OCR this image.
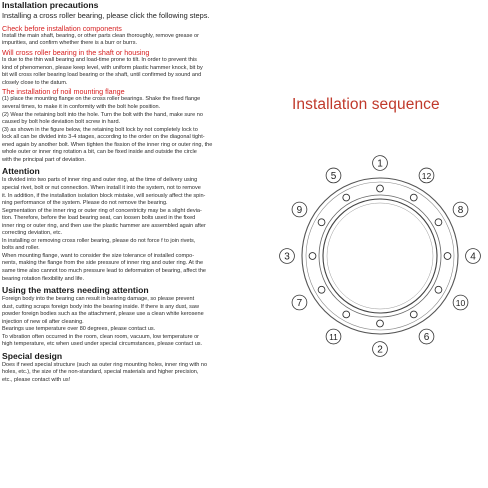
Installation precautions
Installing a cross roller bearing, please click the following steps.
Check before installation components
Install the main shaft, bearing, or other parts clean thoroughly, remove grease or
impurities, and confirm whether there is a burr or burrs.
Will cross roller bearing in the shaft or housing
Is due to the thin wall bearing and load-time prone to tilt. In order to prevent this
kind of phenomenon, please keep level, with uniform plastic hammer knock, bit by
bit will cross roller bearing load bearing or the shaft, until confirmed by sound and
closely close to the datum.
The installation of noil mounting flange
(1) place the mounting flange on the cross roller bearings. Shake the fixed flange
several times, to make it in conformity with the bolt hole position.
(2) Wear the retaining bolt into the hole. Turn the bolt with the hand, make sure no
caused by bolt hole deviation bolt screw in hard.
(3) as shown in the figure below, the retaining bolt lock by not completely lock to
lock all can be divided into 3-4 stages, according to the order on the diagonal tight-
ened again by another bolt. When tighten the fission of the inner ring or outer ring, the
whole outer or inner ring rotation a bit, can be fixed inside and outside the circle
with the principal part of deviation.
Attention
Is divided into two parts of inner ring and outer ring, at the time of delivery using
special rivet, bolt or nut connection. When install it into the system, not to remove
it. In addition, if the installation isolation block mistake, will seriously affect the spin-
ning performance of the system. Please do not remove the bearing.
Segmentation of the inner ring or outer ring of concentricity may be a slight devia-
tion. Therefore, before the load bearing seat, can loosen bolts used in the fixed
inner ring or outer ring, and then use the plastic hammer are assembled again after
correcting deviation, etc.
In installing or removing cross roller bearing, please do not force f to join rivets,
bolts and roller.
When mounting flange, want to consider the size tolerance of installed compo-
nents, making the flange from the side pressure of inner ring and outer ring. At the
same time also cannot too much pressure lead to deformation of bearing, affect the
bearing rotation flexibility and life.
Using the matters needing attention
Foreign body into the bearing can result in bearing damage, so please prevent
dust, cutting scraps foreign body into the bearing inside. If there is any dust, saw
powder foreign bodies such as the attachment, please use a clean white kerosene
injection of new oil after cleaning.
Bearings use temperature over 80 degrees, please contact us.
To vibration often occurred in the room, clean room, vacuum, low temperature or
high temperature, etc when used under special circumstances, please contact us.
Special design
Does if need special structure (such as outer ring mounting holes, inner ring with no
holes, etc.), the size of the non-standard, special materials and higher precision,
etc., please contact with us!
Installation sequence
1
2
3	4
5
6
7
8
9
10
11
12
